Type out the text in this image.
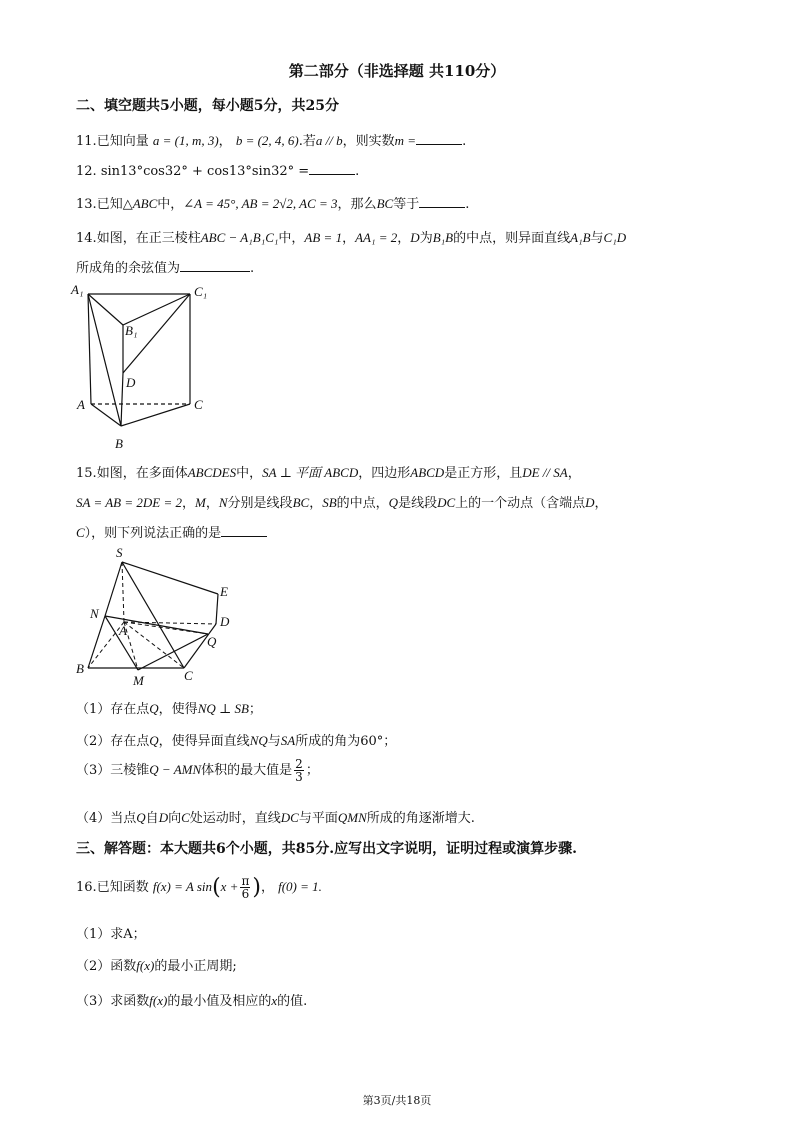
第二部分（非选择题 共110分）
二、填空题共5小题，每小题5分，共25分
11.已知向量 a = (1, m, 3)， b = (2, 4, 6).若a // b，则实数m =	.
12. sin13°cos32° + cos13°sin32° =	.
13.已知△ABC中，∠A = 45°, AB = 2√2, AC = 3，那么BC等于	.
14.如图，在正三棱柱ABC − A₁B₁C₁中，AB = 1，AA₁ = 2，D为B₁B的中点，则异面直线A₁B与C₁D
所成角的余弦值为	.
A₁	C₁
B₁
D
A	C
B
15.如图，在多面体ABCDES中，SA ⊥ 平面 ABCD，四边形ABCD是正方形，且DE // SA，
SA = AB = 2DE = 2，M，N分别是线段BC，SB的中点，Q是线段DC上的一个动点（含端点D，
C），则下列说法正确的是
S
E
N
D
A
Q
B	C
M
（1）存在点Q，使得NQ ⊥ SB；
（2）存在点Q，使得异面直线NQ与SA所成的角为60°；
（3）三棱锥Q − AMN体积的最大值是 $\frac{2}{3}$ ；
（4）当点Q自D向C处运动时，直线DC与平面QMN所成的角逐渐增大.
三、解答题：本大题共6个小题，共85分.应写出文字说明，证明过程或演算步骤.
16.已知函数 f(x) = A $\sin(x + \frac{\pi}{6}$ )， f(0) = 1.
（1）求A；
（2）函数f(x)的最小正周期;
（3）求函数f(x)的最小值及相应的x的值.
第3页/共18页
